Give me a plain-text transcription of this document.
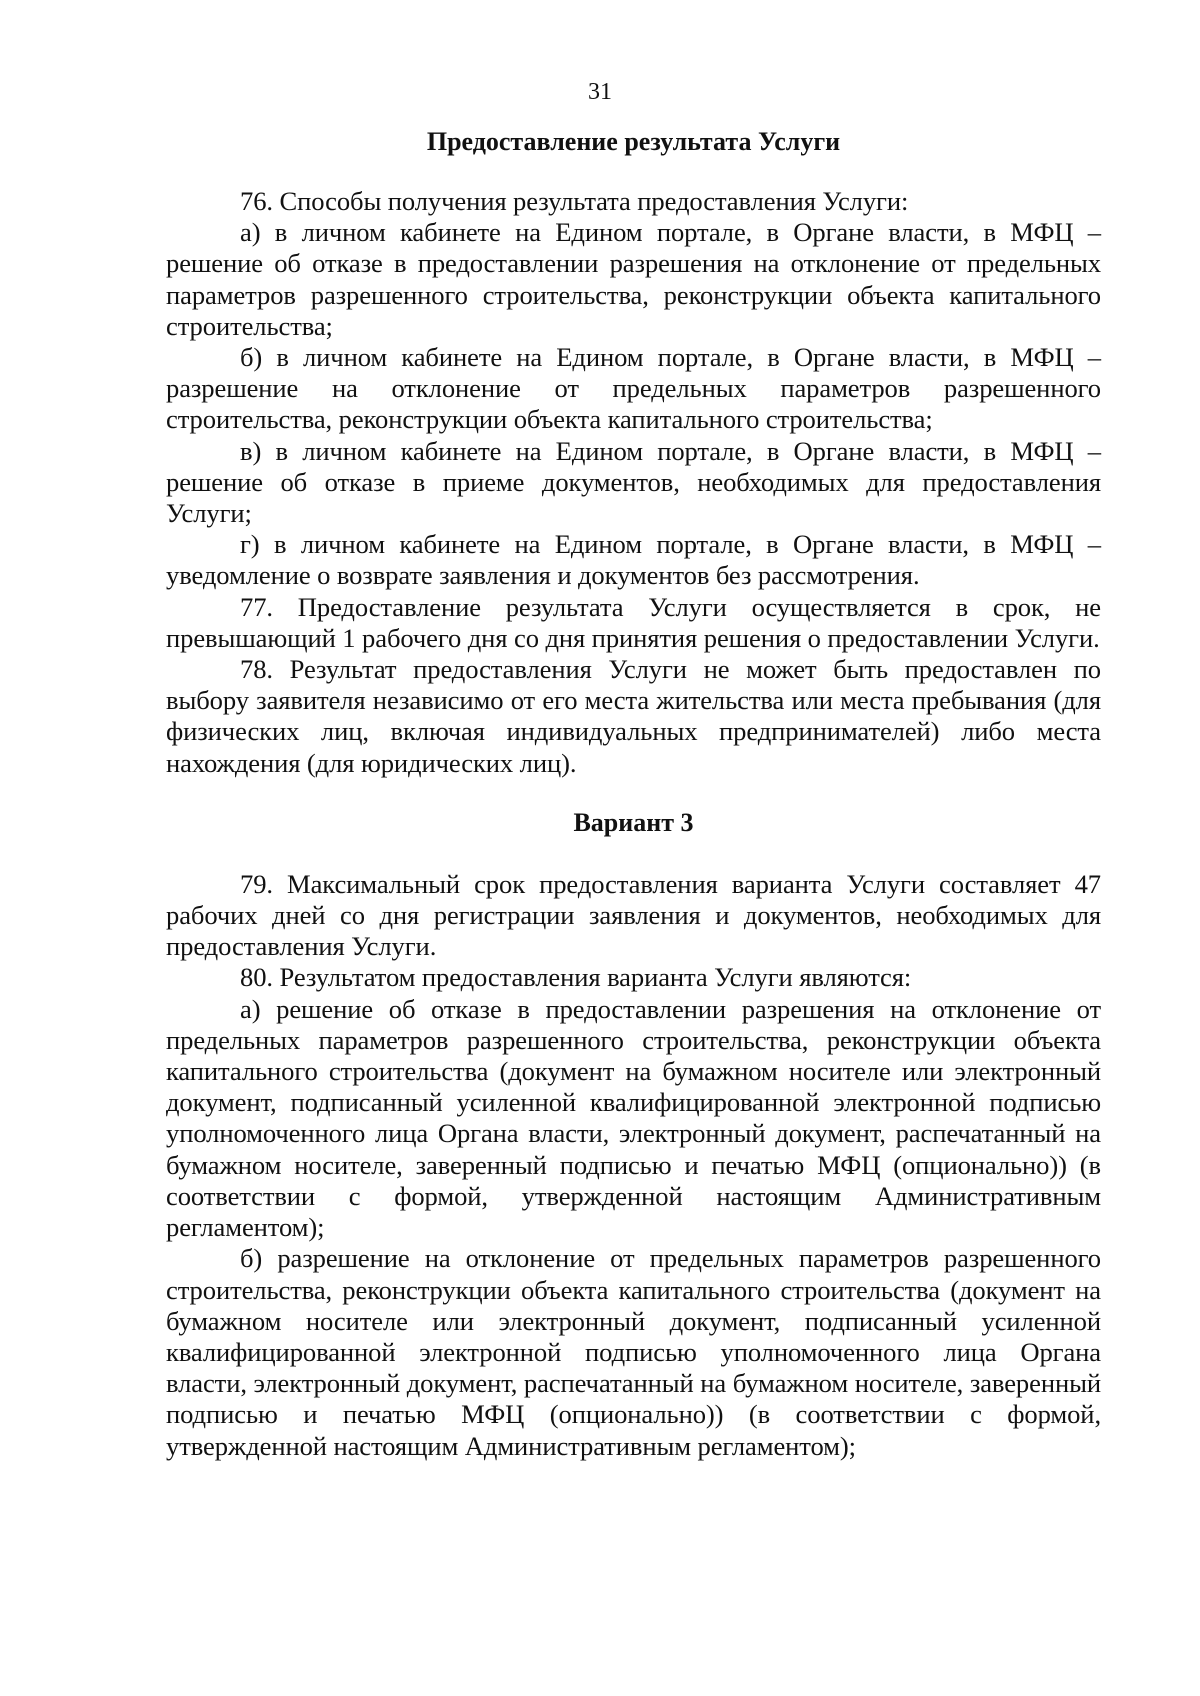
31
Предоставление результата Услуги

76. Способы получения результата предоставления Услуги:

а) в личном кабинете на Едином портале, в Органе власти, в МФЦ – решение об отказе в предоставлении разрешения на отклонение от предельных параметров разрешенного строительства, реконструкции объекта капитального строительства;

б) в личном кабинете на Едином портале, в Органе власти, в МФЦ – разрешение на отклонение от предельных параметров разрешенного строительства, реконструкции объекта капитального строительства;

в) в личном кабинете на Едином портале, в Органе власти, в МФЦ – решение об отказе в приеме документов, необходимых для предоставления Услуги;

г) в личном кабинете на Едином портале, в Органе власти, в МФЦ – уведомление о возврате заявления и документов без рассмотрения.

77. Предоставление результата Услуги осуществляется в срок, не превышающий 1 рабочего дня со дня принятия решения о предоставлении Услуги.

78. Результат предоставления Услуги не может быть предоставлен по выбору заявителя независимо от его места жительства или места пребывания (для физических лиц, включая индивидуальных предпринимателей) либо места нахождения (для юридических лиц).

Вариант 3

79. Максимальный срок предоставления варианта Услуги составляет 47 рабочих дней со дня регистрации заявления и документов, необходимых для предоставления Услуги.

80. Результатом предоставления варианта Услуги являются:

а) решение об отказе в предоставлении разрешения на отклонение от предельных параметров разрешенного строительства, реконструкции объекта капитального строительства (документ на бумажном носителе или электронный документ, подписанный усиленной квалифицированной электронной подписью уполномоченного лица Органа власти, электронный документ, распечатанный на бумажном носителе, заверенный подписью и печатью МФЦ (опционально)) (в соответствии с формой, утвержденной настоящим Административным регламентом);

б) разрешение на отклонение от предельных параметров разрешенного строительства, реконструкции объекта капитального строительства (документ на бумажном носителе или электронный документ, подписанный усиленной квалифицированной электронной подписью уполномоченного лица Органа власти, электронный документ, распечатанный на бумажном носителе, заверенный подписью и печатью МФЦ (опционально)) (в соответствии с формой, утвержденной настоящим Административным регламентом);
